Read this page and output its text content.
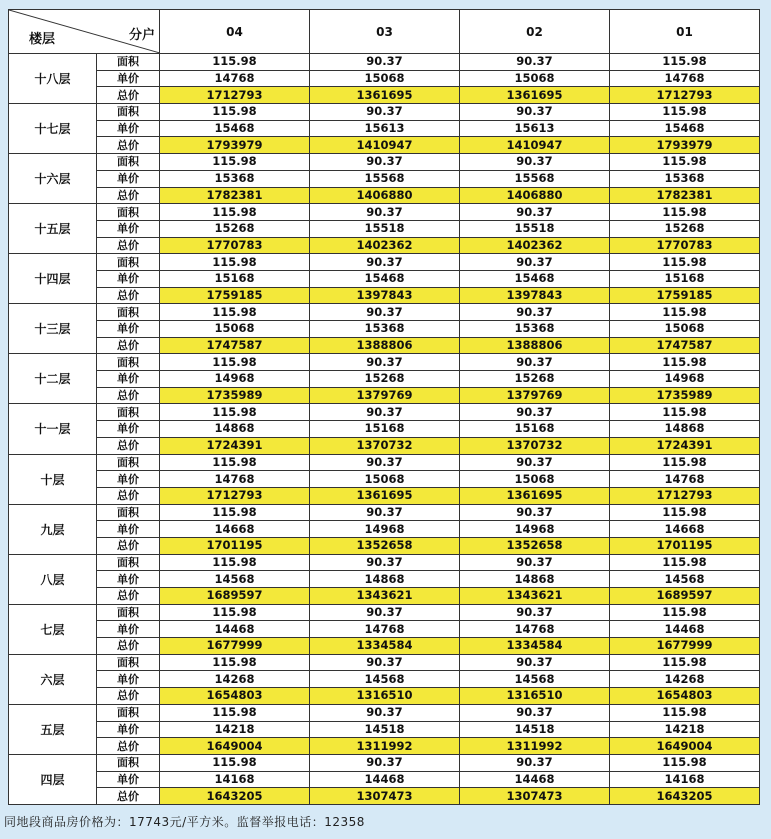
分户
楼层		04	03	02	01
十八层	面积	115.98	90.37	90.37	115.98
	单价	14768	15068	15068	14768
	总价	1712793	1361695	1361695	1712793
十七层	面积	115.98	90.37	90.37	115.98
	单价	15468	15613	15613	15468
	总价	1793979	1410947	1410947	1793979
十六层	面积	115.98	90.37	90.37	115.98
	单价	15368	15568	15568	15368
	总价	1782381	1406880	1406880	1782381
十五层	面积	115.98	90.37	90.37	115.98
	单价	15268	15518	15518	15268
	总价	1770783	1402362	1402362	1770783
十四层	面积	115.98	90.37	90.37	115.98
	单价	15168	15468	15468	15168
	总价	1759185	1397843	1397843	1759185
十三层	面积	115.98	90.37	90.37	115.98
	单价	15068	15368	15368	15068
	总价	1747587	1388806	1388806	1747587
十二层	面积	115.98	90.37	90.37	115.98
	单价	14968	15268	15268	14968
	总价	1735989	1379769	1379769	1735989
十一层	面积	115.98	90.37	90.37	115.98
	单价	14868	15168	15168	14868
	总价	1724391	1370732	1370732	1724391
十层	面积	115.98	90.37	90.37	115.98
	单价	14768	15068	15068	14768
	总价	1712793	1361695	1361695	1712793
九层	面积	115.98	90.37	90.37	115.98
	单价	14668	14968	14968	14668
	总价	1701195	1352658	1352658	1701195
八层	面积	115.98	90.37	90.37	115.98
	单价	14568	14868	14868	14568
	总价	1689597	1343621	1343621	1689597
七层	面积	115.98	90.37	90.37	115.98
	单价	14468	14768	14768	14468
	总价	1677999	1334584	1334584	1677999
六层	面积	115.98	90.37	90.37	115.98
	单价	14268	14568	14568	14268
	总价	1654803	1316510	1316510	1654803
五层	面积	115.98	90.37	90.37	115.98
	单价	14218	14518	14518	14218
	总价	1649004	1311992	1311992	1649004
四层	面积	115.98	90.37	90.37	115.98
	单价	14168	14468	14468	14168
	总价	1643205	1307473	1307473	1643205
同地段商品房价格为：17743元/平方米。监督举报电话：12358
